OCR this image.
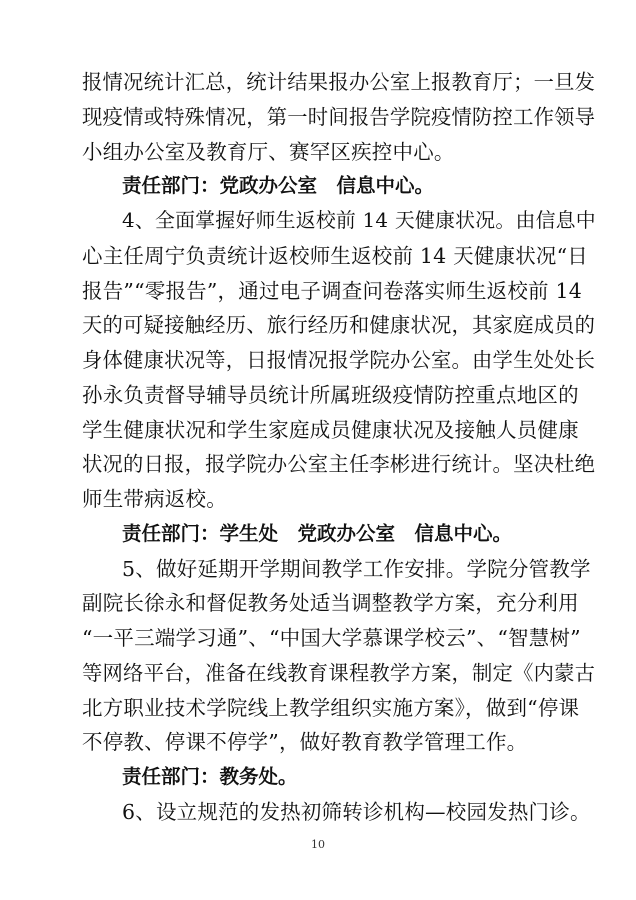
报情况统计汇总，统计结果报办公室上报教育厅；一旦发
现疫情或特殊情况，第一时间报告学院疫情防控工作领导
小组办公室及教育厅、赛罕区疾控中心。
责任部门：党政办公室　信息中心。
4、全面掌握好师生返校前 14 天健康状况。由信息中
心主任周宁负责统计返校师生返校前 14 天健康状况“日
报告”“零报告”，通过电子调查问卷落实师生返校前 14
天的可疑接触经历、旅行经历和健康状况，其家庭成员的
身体健康状况等，日报情况报学院办公室。由学生处处长
孙永负责督导辅导员统计所属班级疫情防控重点地区的
学生健康状况和学生家庭成员健康状况及接触人员健康
状况的日报，报学院办公室主任李彬进行统计。坚决杜绝
师生带病返校。
责任部门：学生处　党政办公室　信息中心。
5、做好延期开学期间教学工作安排。学院分管教学
副院长徐永和督促教务处适当调整教学方案，充分利用
“一平三端学习通”、“中国大学慕课学校云”、“智慧树”
等网络平台，准备在线教育课程教学方案，制定《内蒙古
北方职业技术学院线上教学组织实施方案》，做到“停课
不停教、停课不停学”，做好教育教学管理工作。
责任部门：教务处。
6、设立规范的发热初筛转诊机构—校园发热门诊。
10
